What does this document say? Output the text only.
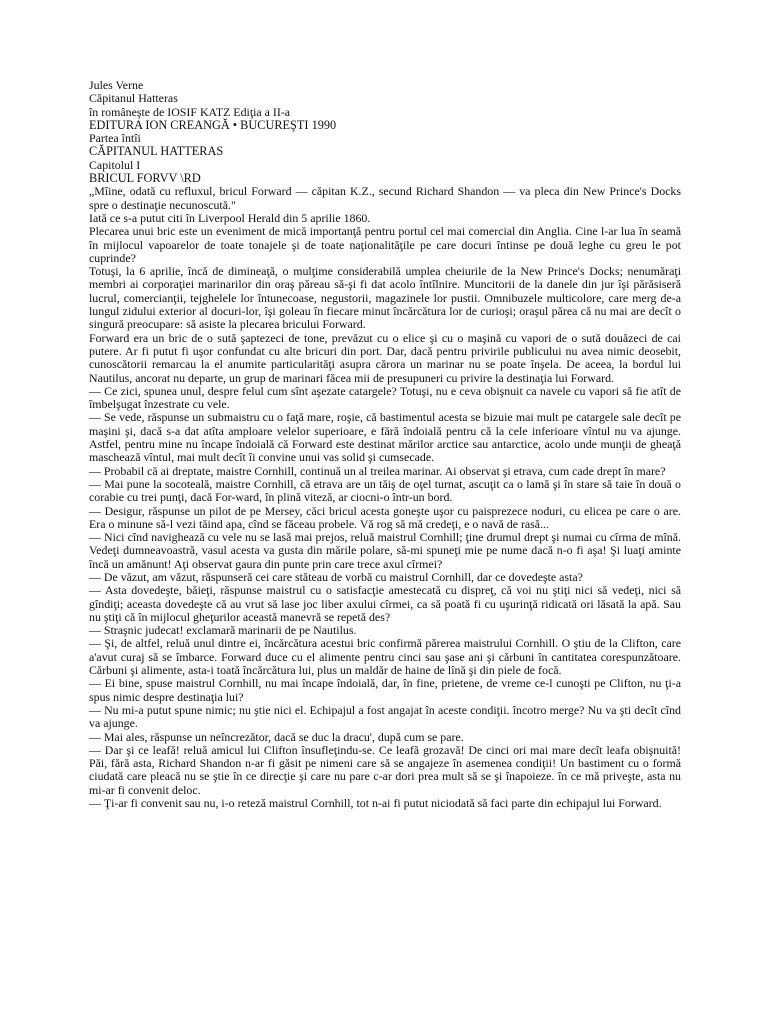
Jules Verne
Căpitanul Hatteras
în româneşte de IOSIF KATZ Ediţia a II-a
EDITURA ION CREANGĂ • BUCUREŞTI 1990
Partea întîi
CĂPITANUL HATTERAS
Capitolul I
BRICUL FORVV \RD

„Mîine, odată cu refluxul, bricul Forward — căpitan K.Z., secund Richard Shandon — va pleca din New Prince's Docks spre o destinaţie necunoscută."

Iată ce s-a putut citi în Liverpool Herald din 5 aprilie 1860.

Plecarea unui bric este un eveniment de mică importanţă pentru portul cel mai comercial din Anglia. Cine l-ar lua în seamă în mijlocul vapoarelor de toate tonajele şi de toate naţionalităţile pe care docuri întinse pe două leghe cu greu le pot cuprinde?

Totuşi, la 6 aprilie, încă de dimineaţă, o mulţime considerabilă umplea cheiurile de la New Prince's Docks; nenumăraţi membri ai corporaţiei marinarilor din oraş păreau să-şi fi dat acolo întîlnire. Muncitorii de la danele din jur îşi părăsiseră lucrul, comercianţii, tejghelele lor întunecoase, negustorii, magazinele lor pustii. Omnibuzele multicolore, care merg de-a lungul zidului exterior al docuri-lor, îşi goleau în fiecare minut încărcătura lor de curioşi; oraşul părea că nu mai are decît o singură preocupare: să asiste la plecarea bricului Forward.

Forward era un bric de o sută şaptezeci de tone, prevăzut cu o elice şi cu o maşină cu vapori de o sută douăzeci de cai putere. Ar fi putut fi uşor confundat cu alte bricuri din port. Dar, dacă pentru privirile publicului nu avea nimic deosebit, cunoscătorii remarcau la el anumite particularităţi asupra cărora un marinar nu se poate înşela. De aceea, la bordul lui Nautilus, ancorat nu departe, un grup de marinari făcea mii de presupuneri cu privire la destinaţia lui Forward.

— Ce zici, spunea unul, despre felul cum sînt aşezate catargele? Totuşi, nu e ceva obişnuit ca navele cu vapori să fie atît de îmbelşugat înzestrate cu vele.

— Se vede, răspunse un submaistru cu o faţă mare, roşie, că bastimentul acesta se bizuie mai mult pe catargele sale decît pe maşini şi, dacă s-a dat atîta amploare velelor superioare, e fără îndoială pentru că la cele inferioare vîntul nu va ajunge. Astfel, pentru mine nu încape îndoială că Forward este destinat mărilor arctice sau antarctice, acolo unde munţii de gheaţă maschează vîntul, mai mult decît îi convine unui vas solid şi cumsecade.

— Probabil că ai dreptate, maistre Cornhill, continuă un al treilea marinar. Ai observat şi etrava, cum cade drept în mare?

— Mai pune la socoteală, maistre Cornhill, că etrava are un tăiş de oţel turnat, ascuţit ca o lamă şi în stare să taie în două o corabie cu trei punţi, dacă For-ward, în plină viteză, ar ciocni-o într-un bord.

— Desigur, răspunse un pilot de pe Mersey, căci bricul acesta goneşte uşor cu paisprezece noduri, cu elicea pe care o are. Era o minune să-l vezi tăind apa, cînd se făceau probele. Vă rog să mă credeţi, e o navă de rasă...

— Nici cînd navighează cu vele nu se lasă mai prejos, reluă maistrul Cornhill; ţine drumul drept şi numai cu cîrma de mînă. Vedeţi dumneavoastră, vasul acesta va gusta din mările polare, să-mi spuneţi mie pe nume dacă n-o fi aşa! Şi luaţi aminte încă un amănunt! Aţi observat gaura din punte prin care trece axul cîrmei?

— De văzut, am văzut, răspunseră cei care stăteau de vorbă cu maistrul Cornhill, dar ce dovedeşte asta?

— Asta dovedeşte, băieţi, răspunse maistrul cu o satisfacţie amestecată cu dispreţ, că voi nu ştiţi nici să vedeţi, nici să gîndiţi; aceasta dovedeşte că au vrut să lase joc liber axului cîrmei, ca să poată fi cu uşurinţă ridicată ori lăsată la apă. Sau nu ştiţi că în mijlocul gheţurilor această manevră se repetă des?

— Straşnic judecat! exclamară marinarii de pe Nautilus.

— Şi, de altfel, reluă unul dintre ei, încărcătura acestui bric confirmă părerea maistrului Cornhill. O ştiu de la Clifton, care a'avut curaj să se îmbarce. Forward duce cu el alimente pentru cinci sau şase ani şi cărbuni în cantitatea corespunzătoare. Cărbuni şi alimente, asta-i toată încărcătura lui, plus un maldăr de haine de lînă şi din piele de focă.

— Ei bine, spuse maistrul Cornhill, nu mai încape îndoială, dar, în fine, prietene, de vreme ce-l cunoşti pe Clifton, nu ţi-a spus nimic despre destinaţia lui?

— Nu mi-a putut spune nimic; nu ştie nici el. Echipajul a fost angajat în aceste condiţii. încotro merge? Nu va şti decît cînd va ajunge.

— Mai ales, răspunse un neîncrezător, dacă se duc la dracu', după cum se pare.

— Dar şi ce leafă! reluă amicul lui Clifton însufleţindu-se. Ce leafă grozavă! De cinci ori mai mare decît leafa obişnuită! Păi, fără asta, Richard Shandon n-ar fi găsit pe nimeni care să se angajeze în asemenea condiţii! Un bastiment cu o formă ciudată care pleacă nu se ştie în ce direcţie şi care nu pare c-ar dori prea mult să se şi înapoieze. în ce mă priveşte, asta nu mi-ar fi convenit deloc.

— Ţi-ar fi convenit sau nu, i-o reteză maistrul Cornhill, tot n-ai fi putut niciodată să faci parte din echipajul lui Forward.
